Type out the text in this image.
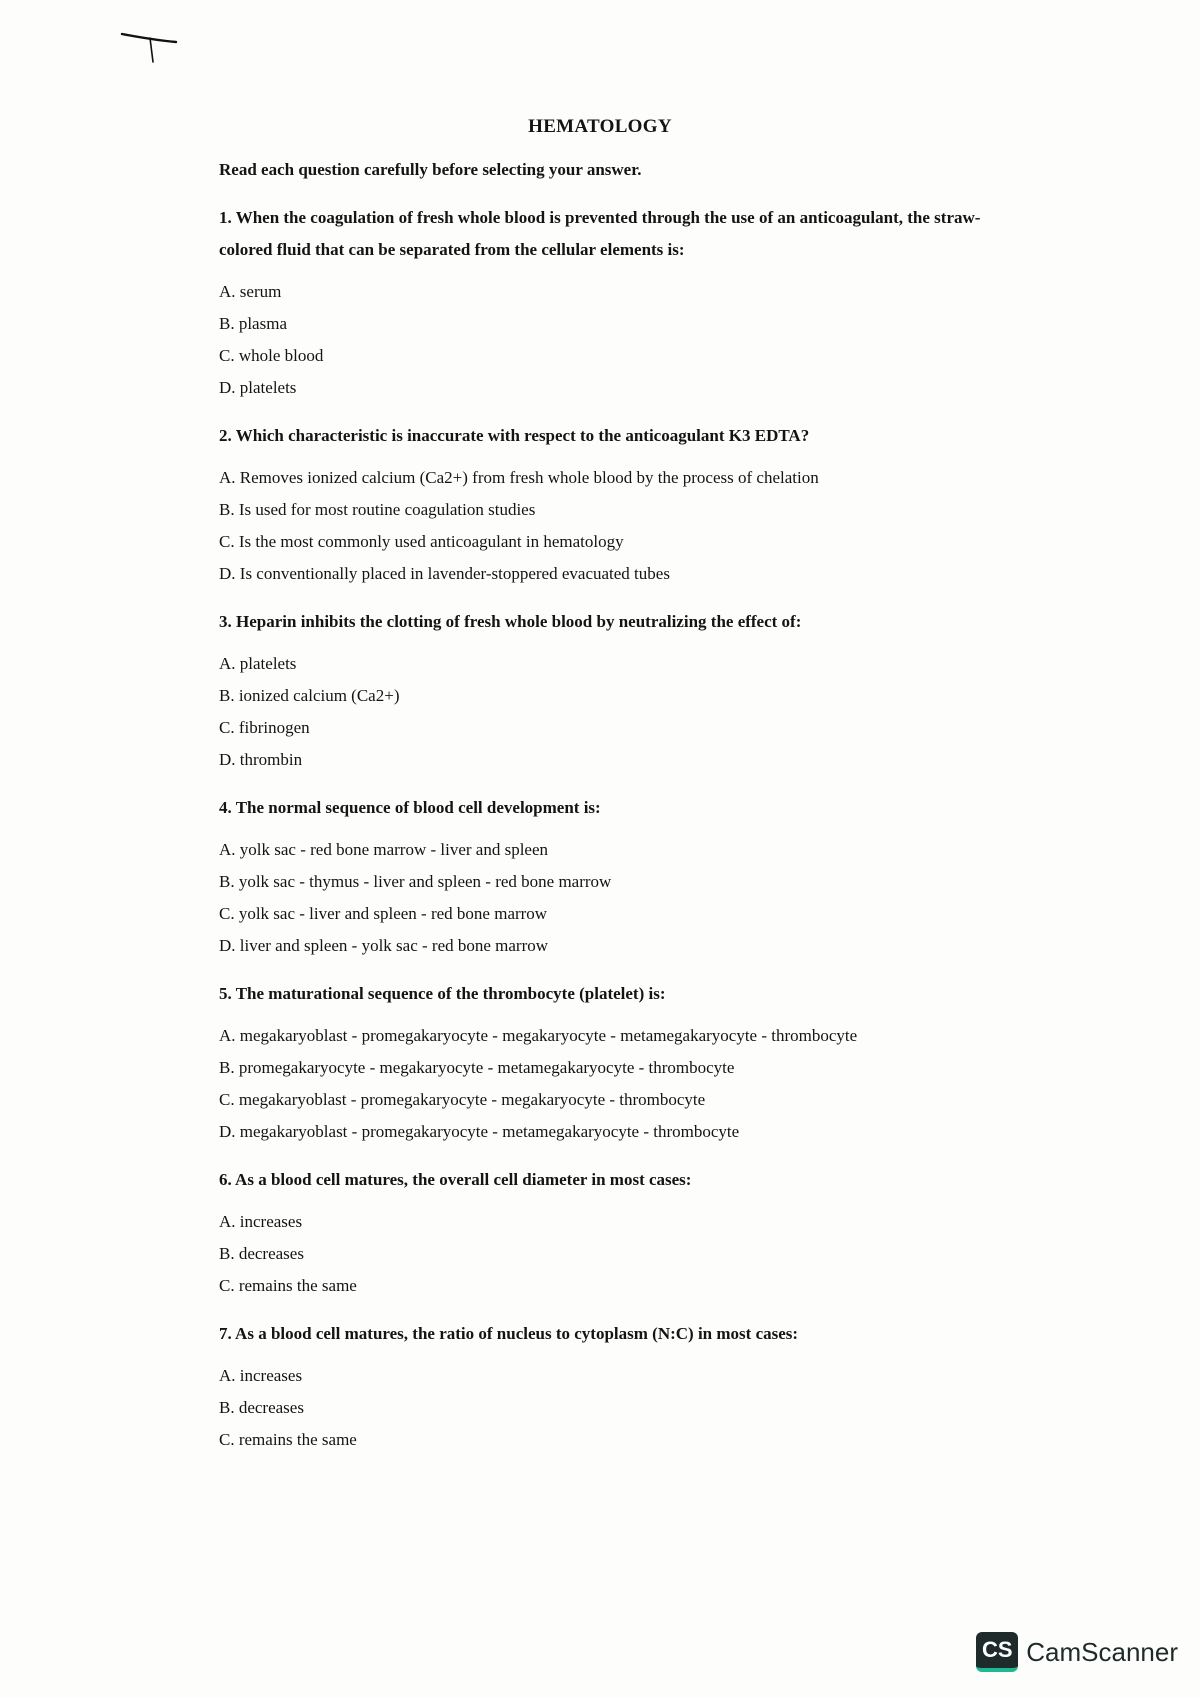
HEMATOLOGY

Read each question carefully before selecting your answer.

1. When the coagulation of fresh whole blood is prevented through the use of an anticoagulant, the straw-colored fluid that can be separated from the cellular elements is:

A. serum
B. plasma
C. whole blood
D. platelets

2. Which characteristic is inaccurate with respect to the anticoagulant K3 EDTA?

A. Removes ionized calcium (Ca2+) from fresh whole blood by the process of chelation
B. Is used for most routine coagulation studies
C. Is the most commonly used anticoagulant in hematology
D. Is conventionally placed in lavender-stoppered evacuated tubes

3. Heparin inhibits the clotting of fresh whole blood by neutralizing the effect of:

A. platelets
B. ionized calcium (Ca2+)
C. fibrinogen
D. thrombin

4. The normal sequence of blood cell development is:

A. yolk sac - red bone marrow - liver and spleen
B. yolk sac - thymus - liver and spleen - red bone marrow
C. yolk sac - liver and spleen - red bone marrow
D. liver and spleen - yolk sac - red bone marrow

5. The maturational sequence of the thrombocyte (platelet) is:

A. megakaryoblast - promegakaryocyte - megakaryocyte - metamegakaryocyte - thrombocyte
B. promegakaryocyte - megakaryocyte - metamegakaryocyte - thrombocyte
C. megakaryoblast - promegakaryocyte - megakaryocyte - thrombocyte
D. megakaryoblast - promegakaryocyte - metamegakaryocyte - thrombocyte

6. As a blood cell matures, the overall cell diameter in most cases:

A. increases
B. decreases
C. remains the same

7. As a blood cell matures, the ratio of nucleus to cytoplasm (N:C) in most cases:

A. increases
B. decreases
C. remains the same
CS CamScanner
